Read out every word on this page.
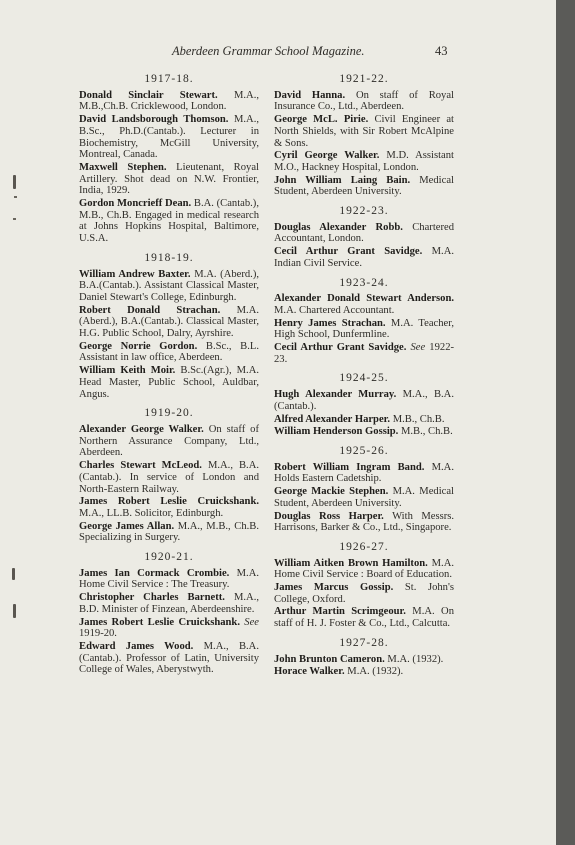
Aberdeen Grammar School Magazine.	43
1917-18.
Donald Sinclair Stewart. M.A., M.B.,Ch.B. Cricklewood, London.
David Landsborough Thomson. M.A., B.Sc., Ph.D.(Cantab.). Lecturer in Biochemistry, McGill University, Montreal, Canada.
Maxwell Stephen. Lieutenant, Royal Artillery. Shot dead on N.W. Frontier, India, 1929.
Gordon Moncrieff Dean. B.A. (Cantab.), M.B., Ch.B. Engaged in medical research at Johns Hopkins Hospital, Baltimore, U.S.A.
1918-19.
William Andrew Baxter. M.A. (Aberd.), B.A.(Cantab.). Assistant Classical Master, Daniel Stewart's College, Edinburgh.
Robert Donald Strachan. M.A. (Aberd.), B.A.(Cantab.). Classical Master, H.G. Public School, Dalry, Ayrshire.
George Norrie Gordon. B.Sc., B.L. Assistant in law office, Aberdeen.
William Keith Moir. B.Sc.(Agr.), M.A. Head Master, Public School, Auldbar, Angus.
1919-20.
Alexander George Walker. On staff of Northern Assurance Company, Ltd., Aberdeen.
Charles Stewart McLeod. M.A., B.A.(Cantab.). In service of London and North-Eastern Railway.
James Robert Leslie Cruickshank. M.A., LL.B. Solicitor, Edinburgh.
George James Allan. M.A., M.B., Ch.B. Specializing in Surgery.
1920-21.
James Ian Cormack Crombie. M.A. Home Civil Service : The Treasury.
Christopher Charles Barnett. M.A., B.D. Minister of Finzean, Aberdeenshire.
James Robert Leslie Cruickshank. See 1919-20.
Edward James Wood. M.A., B.A.(Cantab.). Professor of Latin, University College of Wales, Aberystwyth.
1921-22.
David Hanna. On staff of Royal Insurance Co., Ltd., Aberdeen.
George McL. Pirie. Civil Engineer at North Shields, with Sir Robert McAlpine & Sons.
Cyril George Walker. M.D. Assistant M.O., Hackney Hospital, London.
John William Laing Bain. Medical Student, Aberdeen University.
1922-23.
Douglas Alexander Robb. Chartered Accountant, London.
Cecil Arthur Grant Savidge. M.A. Indian Civil Service.
1923-24.
Alexander Donald Stewart Anderson. M.A. Chartered Accountant.
Henry James Strachan. M.A. Teacher, High School, Dunfermline.
Cecil Arthur Grant Savidge. See 1922-23.
1924-25.
Hugh Alexander Murray. M.A., B.A.(Cantab.).
Alfred Alexander Harper. M.B., Ch.B.
William Henderson Gossip. M.B., Ch.B.
1925-26.
Robert William Ingram Band. M.A. Holds Eastern Cadetship.
George Mackie Stephen. M.A. Medical Student, Aberdeen University.
Douglas Ross Harper. With Messrs. Harrisons, Barker & Co., Ltd., Singapore.
1926-27.
William Aitken Brown Hamilton. M.A. Home Civil Service : Board of Education.
James Marcus Gossip. St. John's College, Oxford.
Arthur Martin Scrimgeour. M.A. On staff of H. J. Foster & Co., Ltd., Calcutta.
1927-28.
John Brunton Cameron. M.A. (1932).
Horace Walker. M.A. (1932).
